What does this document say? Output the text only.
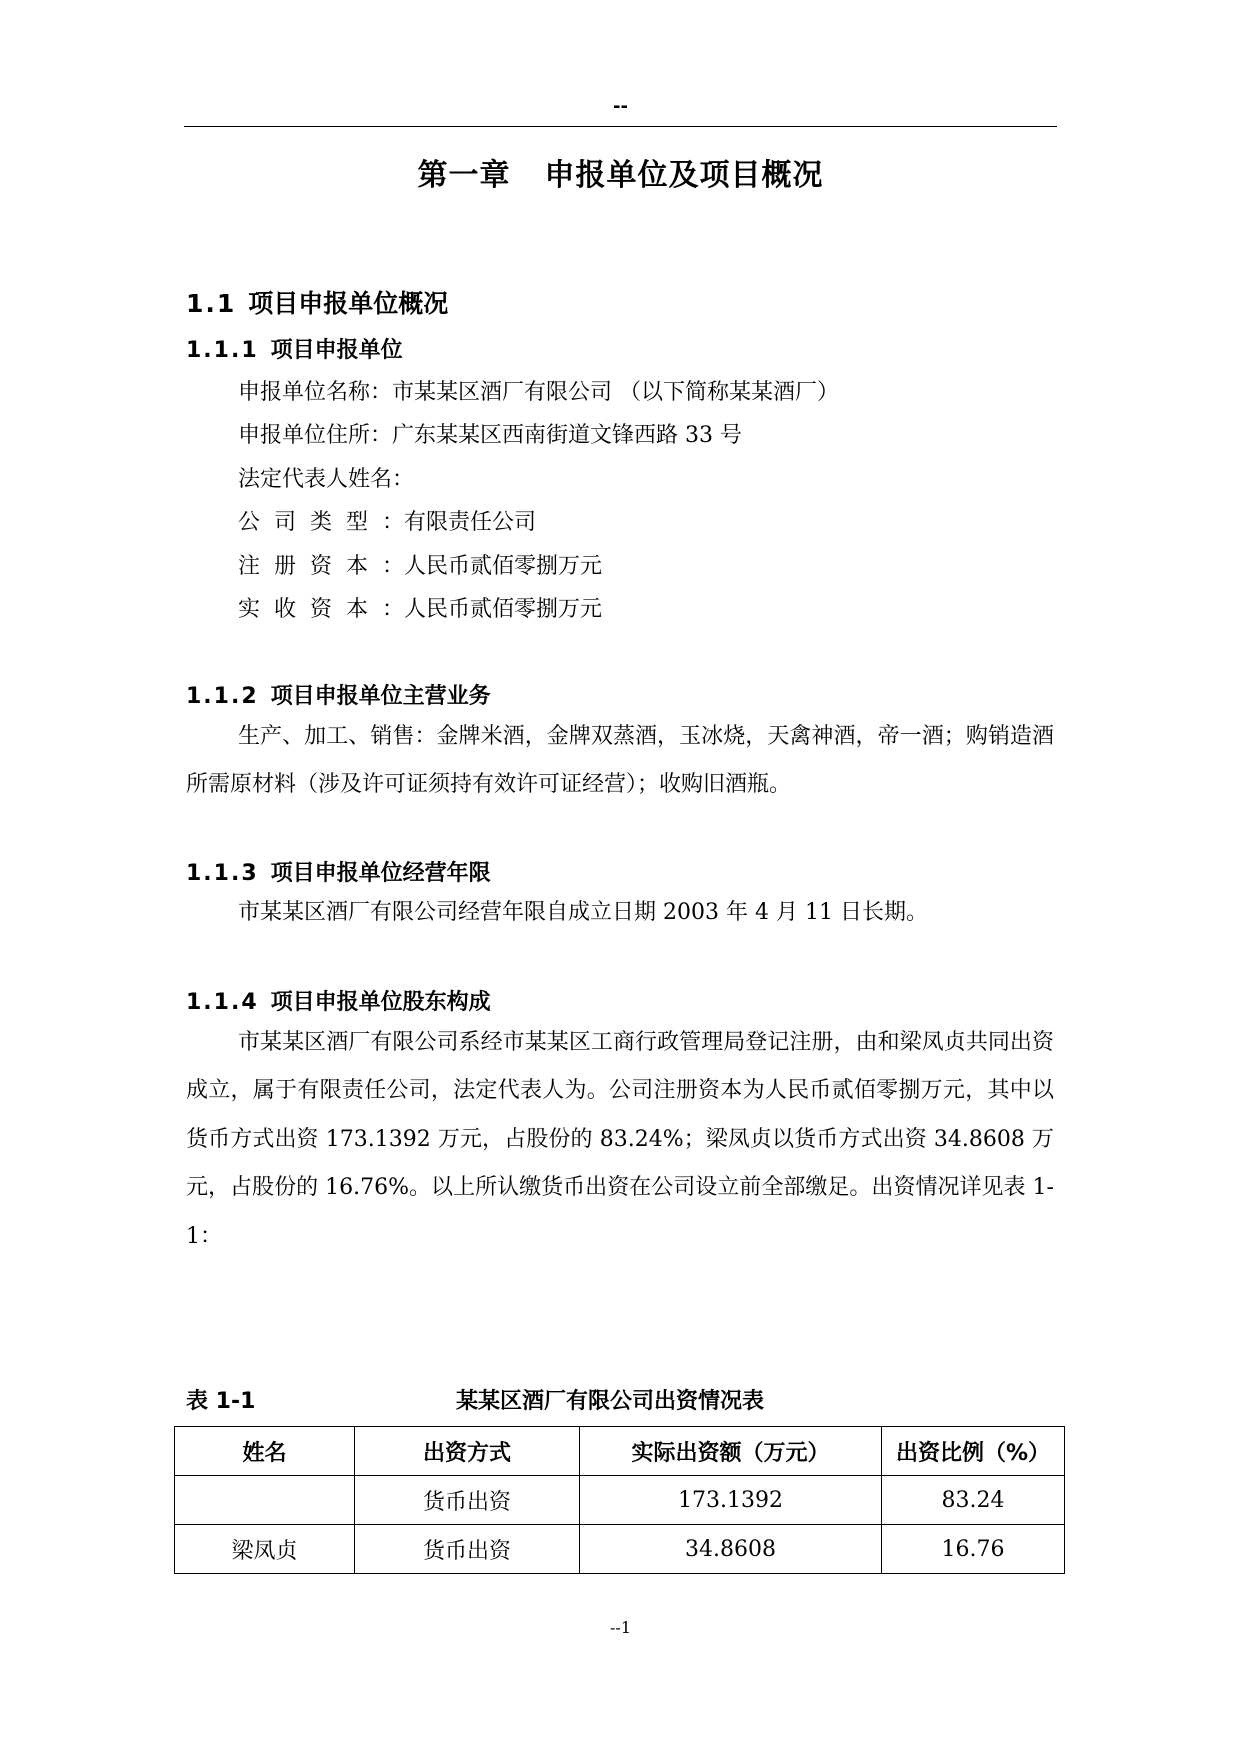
--
第一章 申报单位及项目概况
1.1 项目申报单位概况
1.1.1 项目申报单位
申报单位名称：市某某区酒厂有限公司 （以下简称某某酒厂）
申报单位住所：广东某某区西南街道文锋西路 33 号
法定代表人姓名：
公司类型：有限责任公司
注册资本：人民币贰佰零捌万元
实收资本：人民币贰佰零捌万元
1.1.2 项目申报单位主营业务

生产、加工、销售：金牌米酒，金牌双蒸酒，玉冰烧，天禽神酒，帝一酒；购销造酒所需原材料（涉及许可证须持有效许可证经营）；收购旧酒瓶。

1.1.3 项目申报单位经营年限

市某某区酒厂有限公司经营年限自成立日期 2003 年 4 月 11 日长期。

1.1.4 项目申报单位股东构成

市某某区酒厂有限公司系经市某某区工商行政管理局登记注册，由和梁凤贞共同出资成立，属于有限责任公司，法定代表人为。公司注册资本为人民币贰佰零捌万元，其中以货币方式出资 173.1392 万元，占股份的 83.24%；梁凤贞以货币方式出资 34.8608 万元，占股份的 16.76%。以上所认缴货币出资在公司设立前全部缴足。出资情况详见表 1-1：

表 1-1	某某区酒厂有限公司出资情况表
姓名	出资方式	实际出资额（万元）	出资比例（%）
	货币出资	173.1392	83.24
梁凤贞	货币出资	34.8608	16.76
--1
